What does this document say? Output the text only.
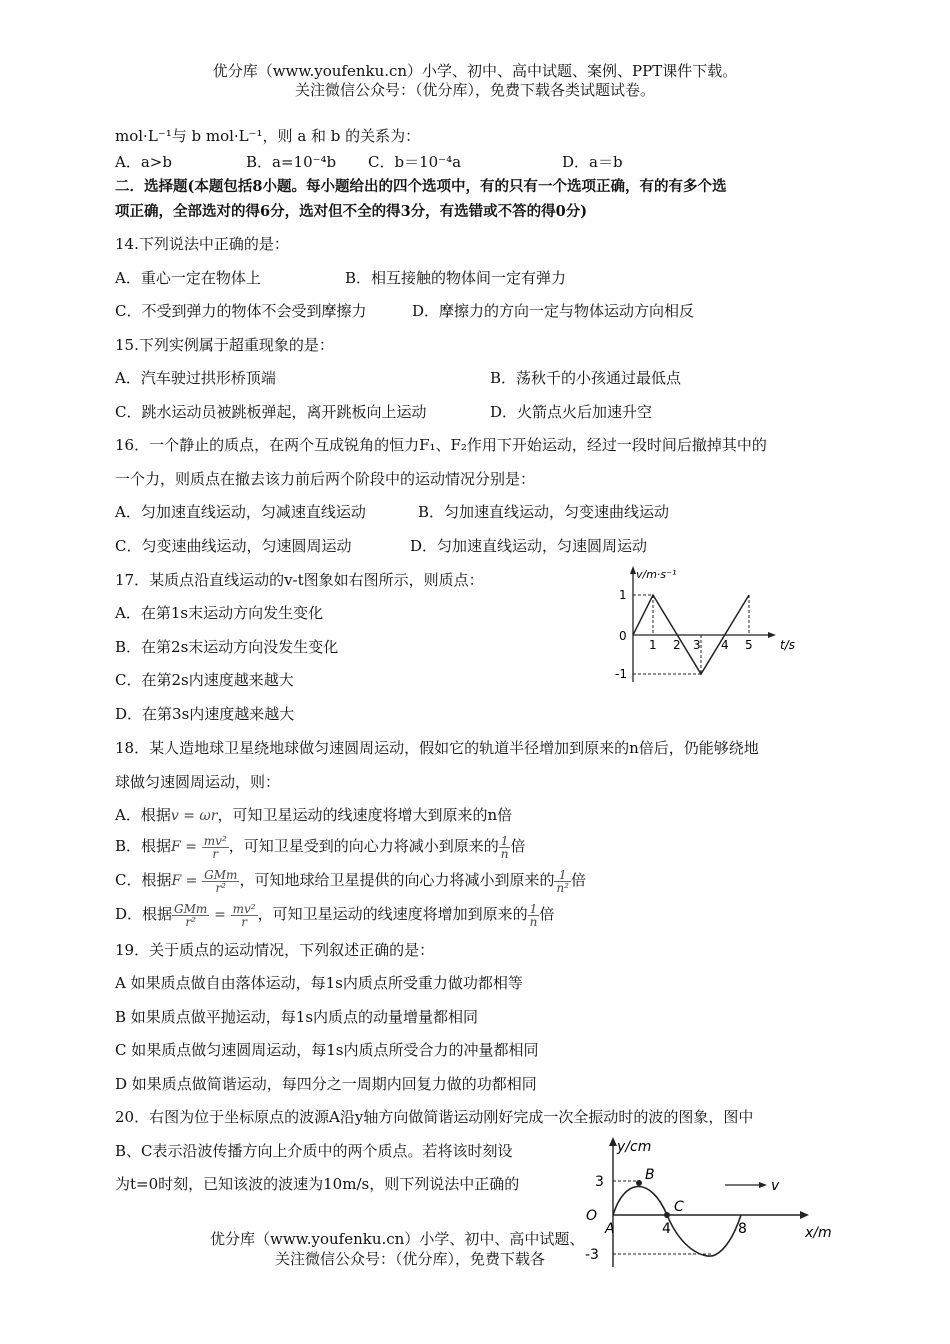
优分库（www.youfenku.cn）小学、初中、高中试题、案例、PPT课件下载。
关注微信公众号：（优分库），免费下载各类试题试卷。
mol·L⁻¹与 b mol·L⁻¹，则 a 和 b 的关系为：
A．a>b	B．a=10⁻⁴b C．b＝10⁻⁴a	D．a＝b
二．选择题(本题包括8小题。每小题给出的四个选项中，有的只有一个选项正确，有的有多个选
项正确，全部选对的得6分，选对但不全的得3分，有选错或不答的得0分)
14.下列说法中正确的是：
A．重心一定在物体上	B．相互接触的物体间一定有弹力
C．不受到弹力的物体不会受到摩擦力	D．摩擦力的方向一定与物体运动方向相反
15.下列实例属于超重现象的是：
A．汽车驶过拱形桥顶端	B．荡秋千的小孩通过最低点
C．跳水运动员被跳板弹起，离开跳板向上运动	D．火箭点火后加速升空
16．一个静止的质点，在两个互成锐角的恒力F₁、F₂作用下开始运动，经过一段时间后撤掉其中的
一个力，则质点在撤去该力前后两个阶段中的运动情况分别是：
A．匀加速直线运动，匀减速直线运动	B．匀加速直线运动，匀变速曲线运动
C．匀变速曲线运动，匀速圆周运动	D．匀加速直线运动，匀速圆周运动
17．某质点沿直线运动的v-t图象如右图所示，则质点：
A．在第1s末运动方向发生变化
B．在第2s末运动方向没发生变化
C．在第2s内速度越来越大
D．在第3s内速度越来越大
v/m·s⁻¹
t/s
0
1
-1
1 2 3 4 5
18．某人造地球卫星绕地球做匀速圆周运动，假如它的轨道半径增加到原来的n倍后，仍能够绕地
球做匀速圆周运动，则：
A．根据v = ωr，可知卫星运动的线速度将增大到原来的n倍
B．根据$F = \frac{\text{mv²}}{r}$ ，可知卫星受到的向心力将减小到原来的 $\frac{1}{n}$ 倍
C．根据$F = \frac{\text{GMm}}{\text{r²}}$ ，可知地球给卫星提供的向心力将减小到原来的 $\frac{1}{\text{n²}}$ 倍
D．根据 $\frac{\text{GMm}}{\text{r²}} = \frac{\text{mv²}}{r}$ ，可知卫星运动的线速度将增加到原来的 $\frac{1}{n}$ 倍
19．关于质点的运动情况，下列叙述正确的是：
A 如果质点做自由落体运动，每1s内质点所受重力做功都相等
B 如果质点做平抛运动，每1s内质点的动量增量都相同
C 如果质点做匀速圆周运动，每1s内质点所受合力的冲量都相同
D 如果质点做简谐运动，每四分之一周期内回复力做的功都相同
20．右图为位于坐标原点的波源A沿y轴方向做简谐运动刚好完成一次全振动时的波的图象，图中
B、C表示沿波传播方向上介质中的两个质点。若将该时刻设
为t=0时刻，已知该波的波速为10m/s，则下列说法中正确的
y/cm
x/m
O
A
3
-3
4	8
B
C
v
优分库（www.youfenku.cn）小学、初中、高中试题、
关注微信公众号：（优分库），免费下载各
